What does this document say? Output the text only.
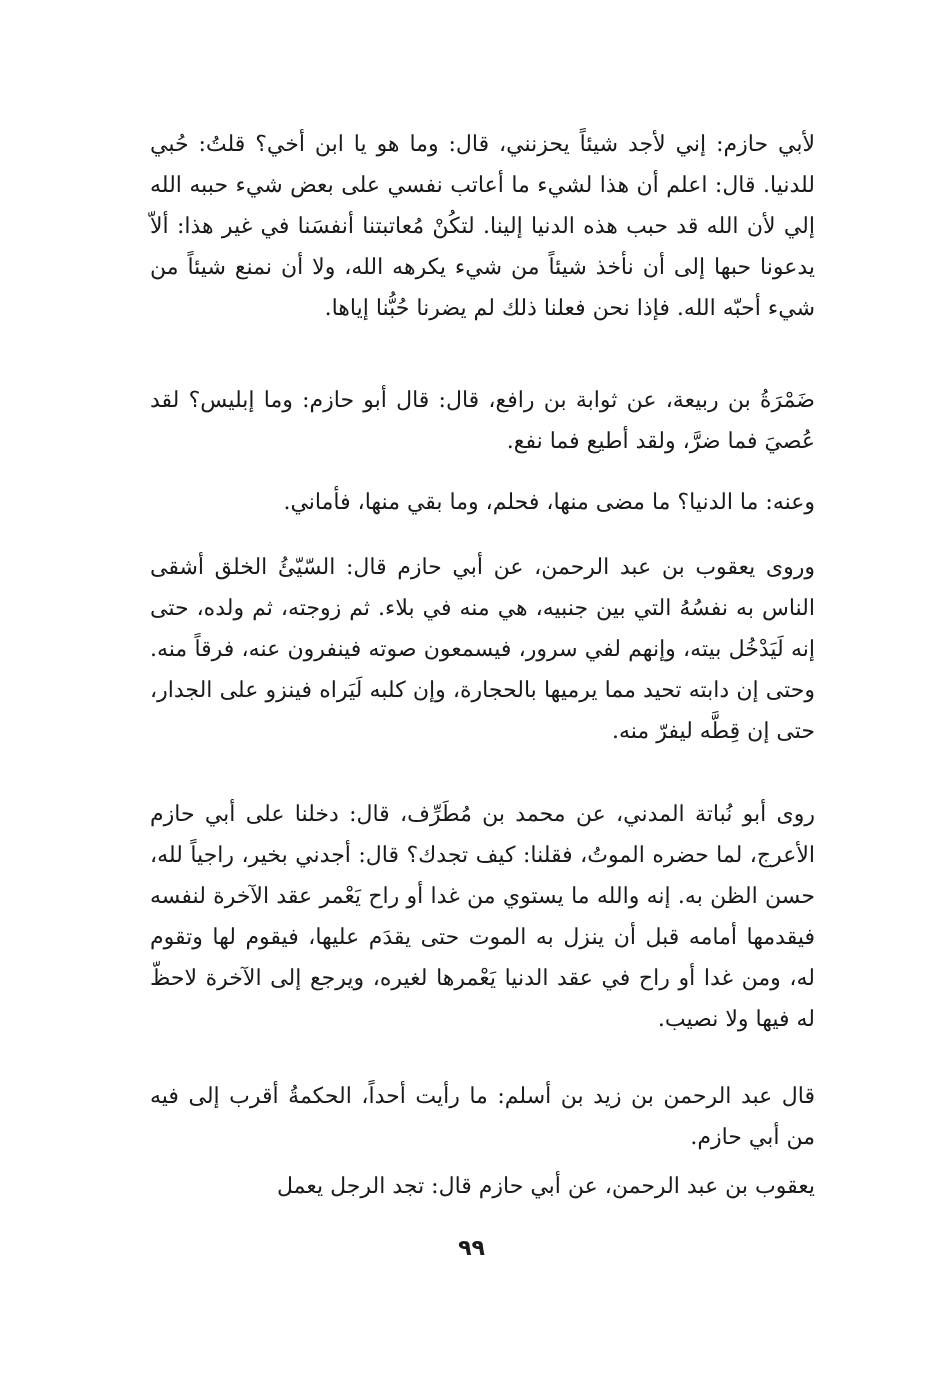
لأبي حازم: إني لأجد شيئاً يحزنني، قال: وما هو يا ابن أخي؟ قلتُ: حُبي للدنيا. قال: اعلم أن هذا لشيء ما أعاتب نفسي على بعض شيء حببه الله إلي لأن الله قد حبب هذه الدنيا إلينا. لتكُنْ مُعاتبتنا أنفسَنا في غير هذا: ألاّ يدعونا حبها إلى أن نأخذ شيئاً من شيء يكرهه الله، ولا أن نمنع شيئاً من شيء أحبّه الله. فإذا نحن فعلنا ذلك لم يضرنا حُبُّنا إياها.

ضَمْرَةُ بن ربيعة، عن ثوابة بن رافع، قال: قال أبو حازم: وما إبليس؟ لقد عُصيَ فما ضرَّ، ولقد أطيع فما نفع.

وعنه: ما الدنيا؟ ما مضى منها، فحلم، وما بقي منها، فأماني.

وروى يعقوب بن عبد الرحمن، عن أبي حازم قال: السّيّئُ الخلق أشقى الناس به نفسُهُ التي بين جنبيه، هي منه في بلاء. ثم زوجته، ثم ولده، حتى إنه لَيَدْخُل بيته، وإنهم لفي سرور، فيسمعون صوته فينفرون عنه، فرقاً منه. وحتى إن دابته تحيد مما يرميها بالحجارة، وإن كلبه لَيَراه فينزو على الجدار، حتى إن قِطَّه ليفرّ منه.

روى أبو نُباتة المدني، عن محمد بن مُطَرِّف، قال: دخلنا على أبي حازم الأعرج، لما حضره الموتُ، فقلنا: كيف تجدك؟ قال: أجدني بخير، راجياً لله، حسن الظن به. إنه والله ما يستوي من غدا أو راح يَعْمر عقد الآخرة لنفسه فيقدمها أمامه قبل أن ينزل به الموت حتى يقدَم عليها، فيقوم لها وتقوم له، ومن غدا أو راح في عقد الدنيا يَعْمرها لغيره، ويرجع إلى الآخرة لاحظّ له فيها ولا نصيب.

قال عبد الرحمن بن زيد بن أسلم: ما رأيت أحداً، الحكمةُ أقرب إلى فيه من أبي حازم.

يعقوب بن عبد الرحمن، عن أبي حازم قال: تجد الرجل يعمل

٩٩
